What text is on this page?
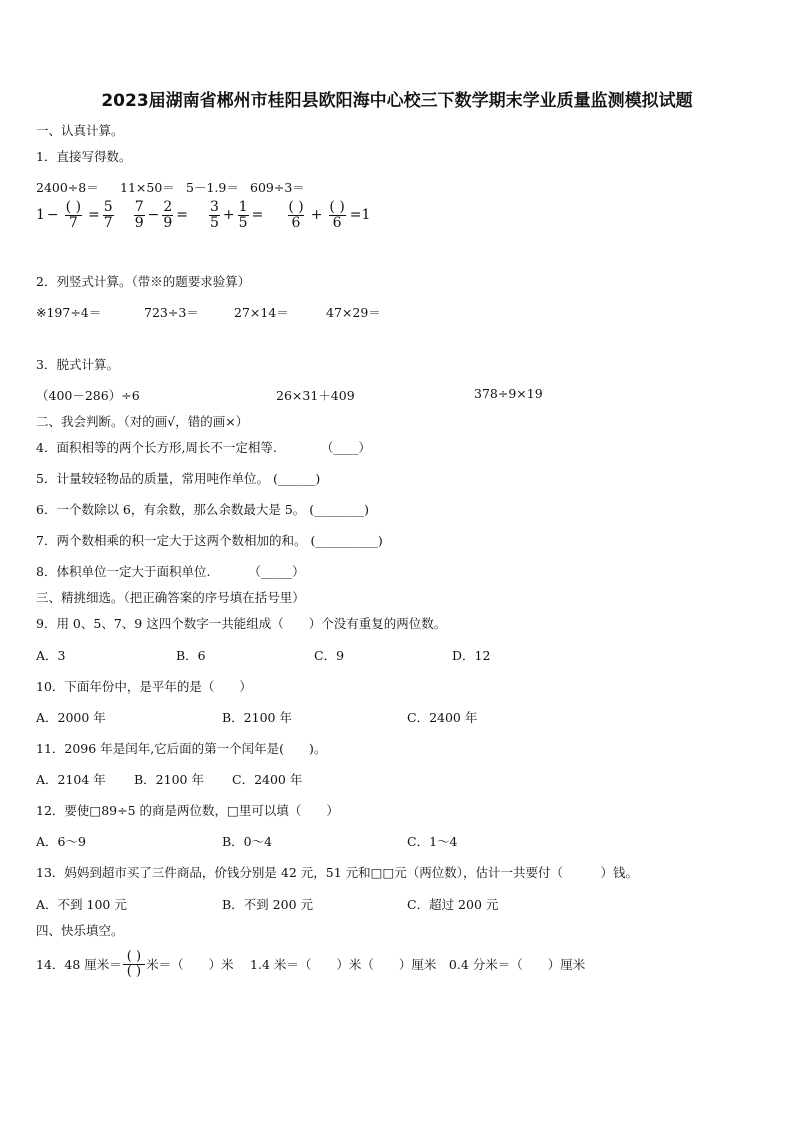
2023届湖南省郴州市桂阳县欧阳海中心校三下数学期末学业质量监测模拟试题
一、认真计算。
1．直接写得数。
2400÷8＝ 11×50＝ 5－1.9＝ 609÷3＝
$1 - \frac{( )}{7} = \frac{5}{7} \frac{7}{9} - \frac{2}{9} = \frac{3}{5} + \frac{1}{5} = \frac{( )}{6} + \frac{( )}{6} =1$
2．列竖式计算。（带※的题要求验算）
※197÷4＝	723÷3＝	27×14＝	47×29＝
3．脱式计算。
（400－286）÷6	26×31＋409	378÷9×19
二、我会判断。（对的画√，错的画×）
4．面积相等的两个长方形,周长不一定相等.	（____）
5．计量较轻物品的质量，常用吨作单位。 (______)
6．一个数除以 6，有余数，那么余数最大是 5。 (________)
7．两个数相乘的积一定大于这两个数相加的和。 (__________)
8．体积单位一定大于面积单位.	（_____）
三、精挑细选。（把正确答案的序号填在括号里）
9．用 0、5、7、9 这四个数字一共能组成（　　）个没有重复的两位数。
A．3	B．6	C．9	D．12
10．下面年份中，是平年的是（　　）
A．2000 年	B．2100 年	C．2400 年
11．2096 年是闰年,它后面的第一个闰年是(　　)。
A．2104 年 B．2100 年 C．2400 年
12．要使□89÷5 的商是两位数，□里可以填（　　）
A．6～9	B．0～4	C．1～4
13．妈妈到超市买了三件商品，价钱分别是 42 元，51 元和□□元（两位数），估计一共要付（　　　）钱。
A．不到 100 元	B．不到 200 元	C．超过 200 元
四、快乐填空。
14．48 厘米＝ $\frac{( )}{( )}$ 米＝（　　）米　 1.4 米＝（　　）米（　　）厘米　0.4 分米＝（　　）厘米
